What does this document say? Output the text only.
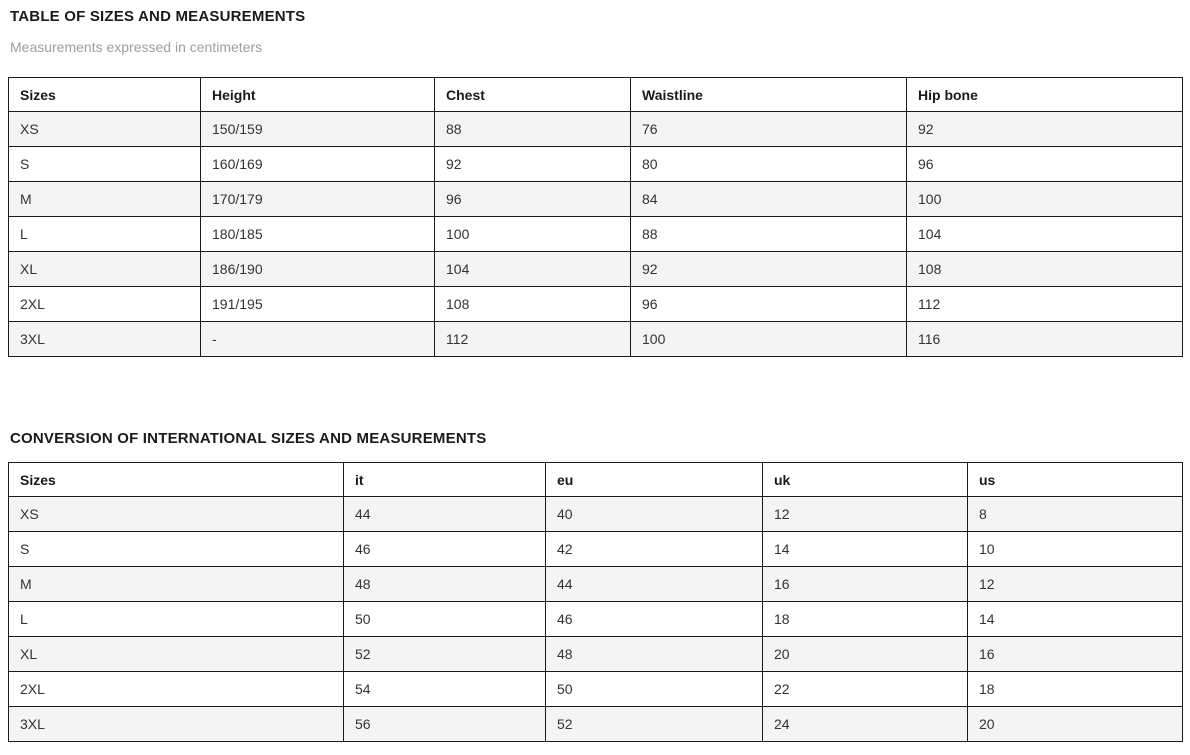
TABLE OF SIZES AND MEASUREMENTS
Measurements expressed in centimeters
Sizes	Height	Chest	Waistline	Hip bone
XS	150/159	88	76	92
S	160/169	92	80	96
M	170/179	96	84	100
L	180/185	100	88	104
XL	186/190	104	92	108
2XL	191/195	108	96	112
3XL	-	112	100	116
CONVERSION OF INTERNATIONAL SIZES AND MEASUREMENTS
Sizes	it	eu	uk	us
XS	44	40	12	8
S	46	42	14	10
M	48	44	16	12
L	50	46	18	14
XL	52	48	20	16
2XL	54	50	22	18
3XL	56	52	24	20
